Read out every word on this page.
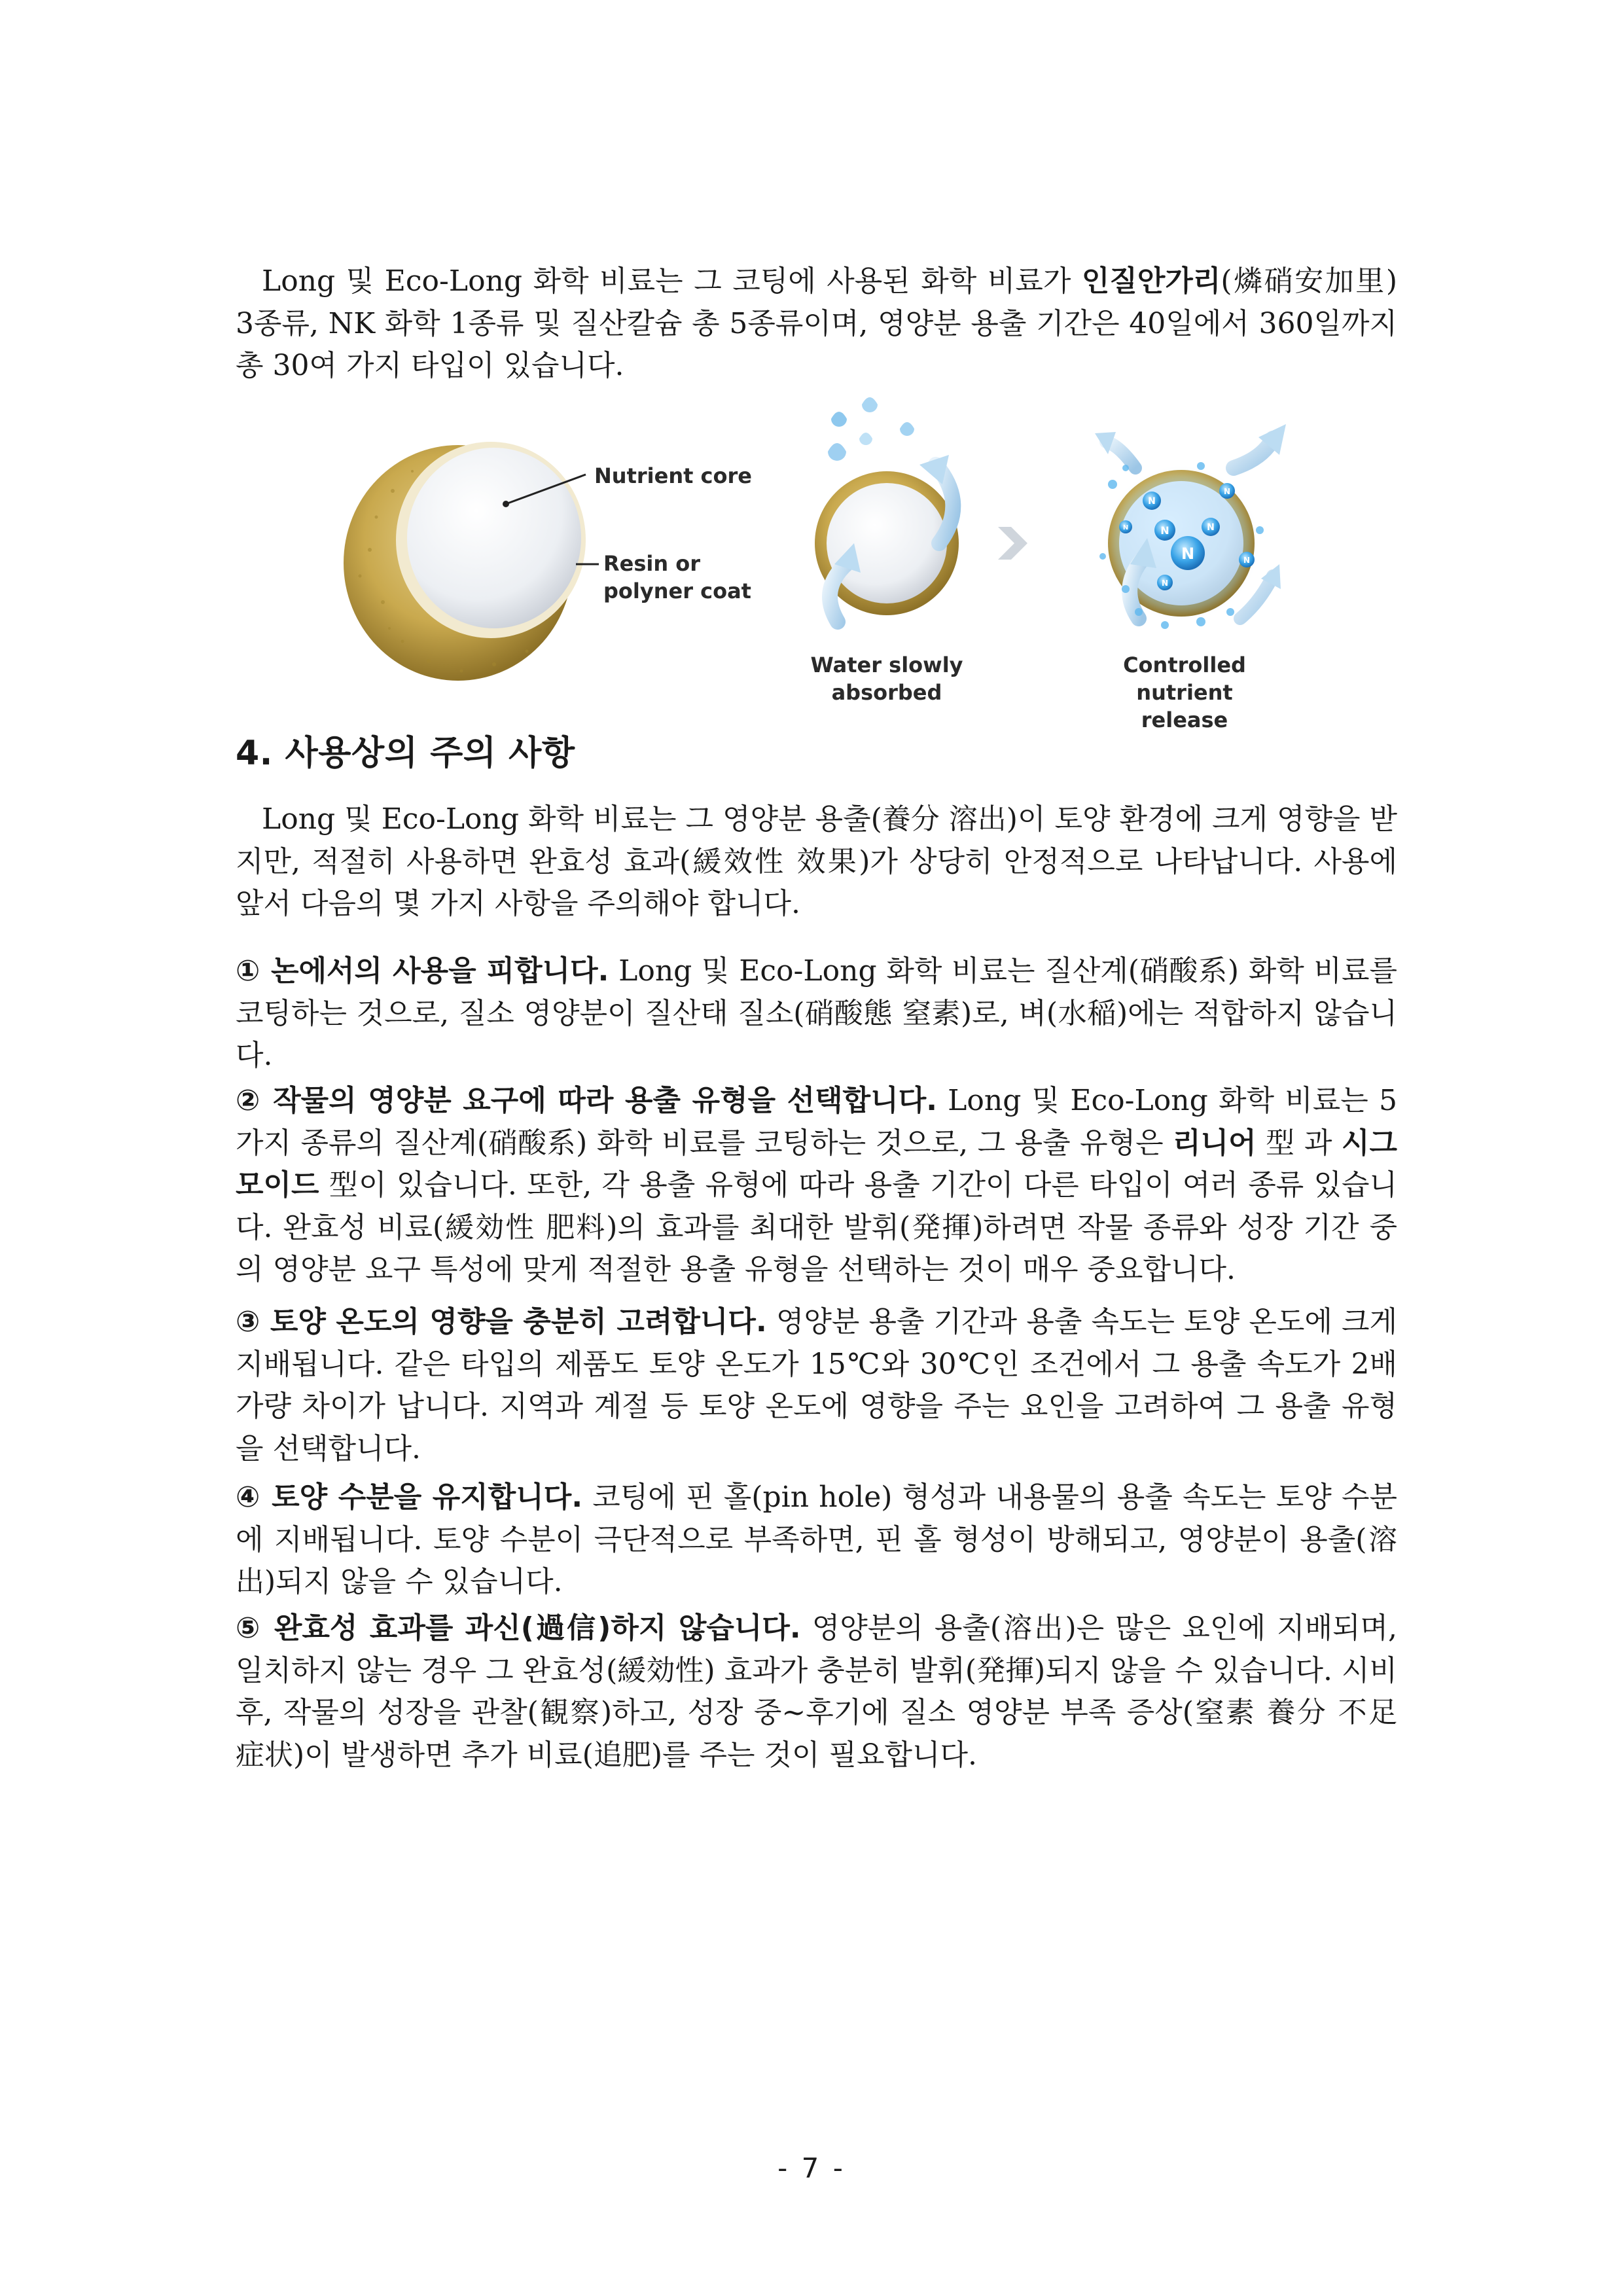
Long 및 Eco-Long 화학 비료는 그 코팅에 사용된 화학 비료가 인질안가리(燐硝安加里) 3종류, NK 화학 1종류 및 질산칼슘 총 5종류이며, 영양분 용출 기간은 40일에서 360일까지 총 30여 가지 타입이 있습니다.

N
N	N
N
N
N
N
N
Nutrient core
Resin or
polyner coat
Water slowly
absorbed
Controlled nutrient
release
4. 사용상의 주의 사항

Long 및 Eco-Long 화학 비료는 그 영양분 용출(養分 溶出)이 토양 환경에 크게 영향을 받지만, 적절히 사용하면 완효성 효과(緩效性 效果)가 상당히 안정적으로 나타납니다. 사용에 앞서 다음의 몇 가지 사항을 주의해야 합니다.

① 논에서의 사용을 피합니다. Long 및 Eco-Long 화학 비료는 질산계(硝酸系) 화학 비료를 코팅하는 것으로, 질소 영양분이 질산태 질소(硝酸態 窒素)로, 벼(水稲)에는 적합하지 않습니다.

② 작물의 영양분 요구에 따라 용출 유형을 선택합니다. Long 및 Eco-Long 화학 비료는 5가지 종류의 질산계(硝酸系) 화학 비료를 코팅하는 것으로, 그 용출 유형은 리니어 型 과 시그모이드 型이 있습니다. 또한, 각 용출 유형에 따라 용출 기간이 다른 타입이 여러 종류 있습니다. 완효성 비료(緩効性 肥料)의 효과를 최대한 발휘(発揮)하려면 작물 종류와 성장 기간 중의 영양분 요구 특성에 맞게 적절한 용출 유형을 선택하는 것이 매우 중요합니다.

③ 토양 온도의 영향을 충분히 고려합니다. 영양분 용출 기간과 용출 속도는 토양 온도에 크게 지배됩니다. 같은 타입의 제품도 토양 온도가 15℃와 30℃인 조건에서 그 용출 속도가 2배가량 차이가 납니다. 지역과 계절 등 토양 온도에 영향을 주는 요인을 고려하여 그 용출 유형을 선택합니다.

④ 토양 수분을 유지합니다. 코팅에 핀 홀(pin hole) 형성과 내용물의 용출 속도는 토양 수분에 지배됩니다. 토양 수분이 극단적으로 부족하면, 핀 홀 형성이 방해되고, 영양분이 용출(溶出)되지 않을 수 있습니다.

⑤ 완효성 효과를 과신(過信)하지 않습니다. 영양분의 용출(溶出)은 많은 요인에 지배되며, 일치하지 않는 경우 그 완효성(緩効性) 효과가 충분히 발휘(発揮)되지 않을 수 있습니다. 시비 후, 작물의 성장을 관찰(観察)하고, 성장 중~후기에 질소 영양분 부족 증상(窒素 養分 不足 症状)이 발생하면 추가 비료(追肥)를 주는 것이 필요합니다.

- 7 -
